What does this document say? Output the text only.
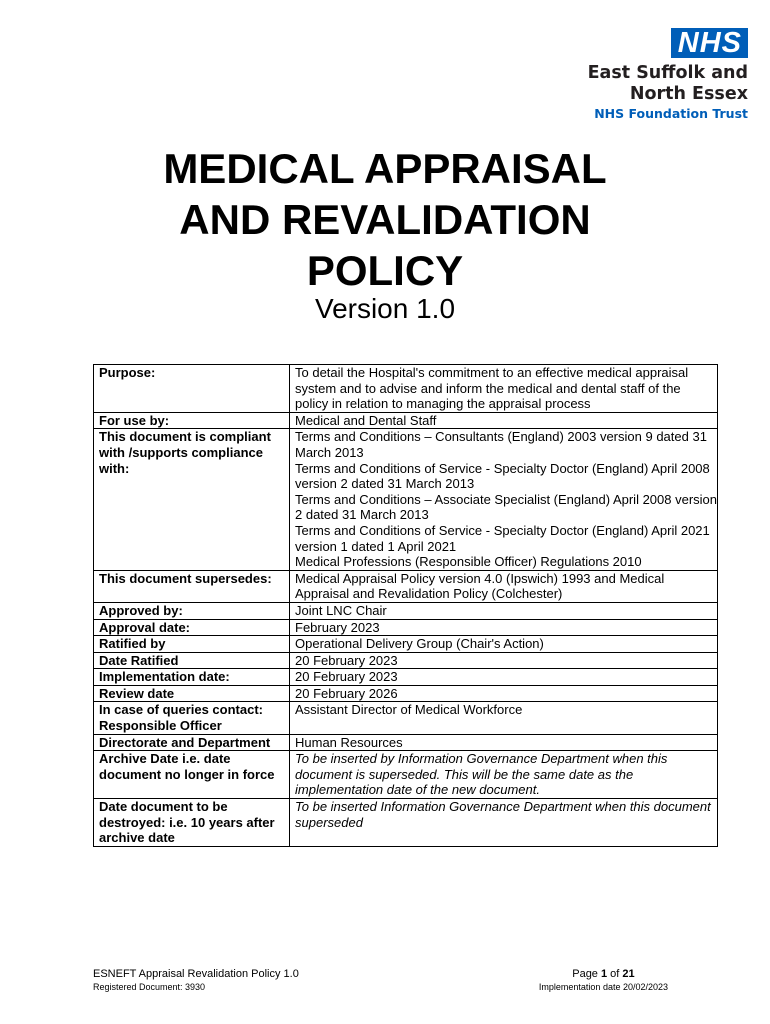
NHS
East Suffolk and
North Essex
NHS Foundation Trust
MEDICAL APPRAISAL
AND REVALIDATION
POLICY
Version 1.0
Purpose:	To detail the Hospital's commitment to an effective medical appraisal system and to advise and inform the medical and dental staff of the policy in relation to managing the appraisal process

For use by:	Medical and Dental Staff

This document is compliant with /supports compliance with:	Terms and Conditions – Consultants (England) 2003 version 9 dated 31 March 2013
Terms and Conditions of Service - Specialty Doctor (England) April 2008 version 2 dated 31 March 2013
Terms and Conditions – Associate Specialist (England) April 2008 version 2 dated 31 March 2013
Terms and Conditions of Service - Specialty Doctor (England) April 2021 version 1 dated 1 April 2021
Medical Professions (Responsible Officer) Regulations 2010

This document supersedes:	Medical Appraisal Policy version 4.0 (Ipswich) 1993 and Medical Appraisal and Revalidation Policy (Colchester)

Approved by:	Joint LNC Chair

Approval date:	February 2023

Ratified by	Operational Delivery Group (Chair's Action)

Date Ratified	20 February 2023

Implementation date:	20 February 2023

Review date	20 February 2026

In case of queries contact: Responsible Officer	Assistant Director of Medical Workforce

Directorate and Department	Human Resources

Archive Date i.e. date document no longer in force	To be inserted by Information Governance Department when this document is superseded. This will be the same date as the implementation date of the new document.

Date document to be destroyed: i.e. 10 years after archive date	To be inserted Information Governance Department when this document superseded
ESNEFT Appraisal Revalidation Policy 1.0
Registered Document: 3930
Page 1 of 21
Implementation date 20/02/2023
